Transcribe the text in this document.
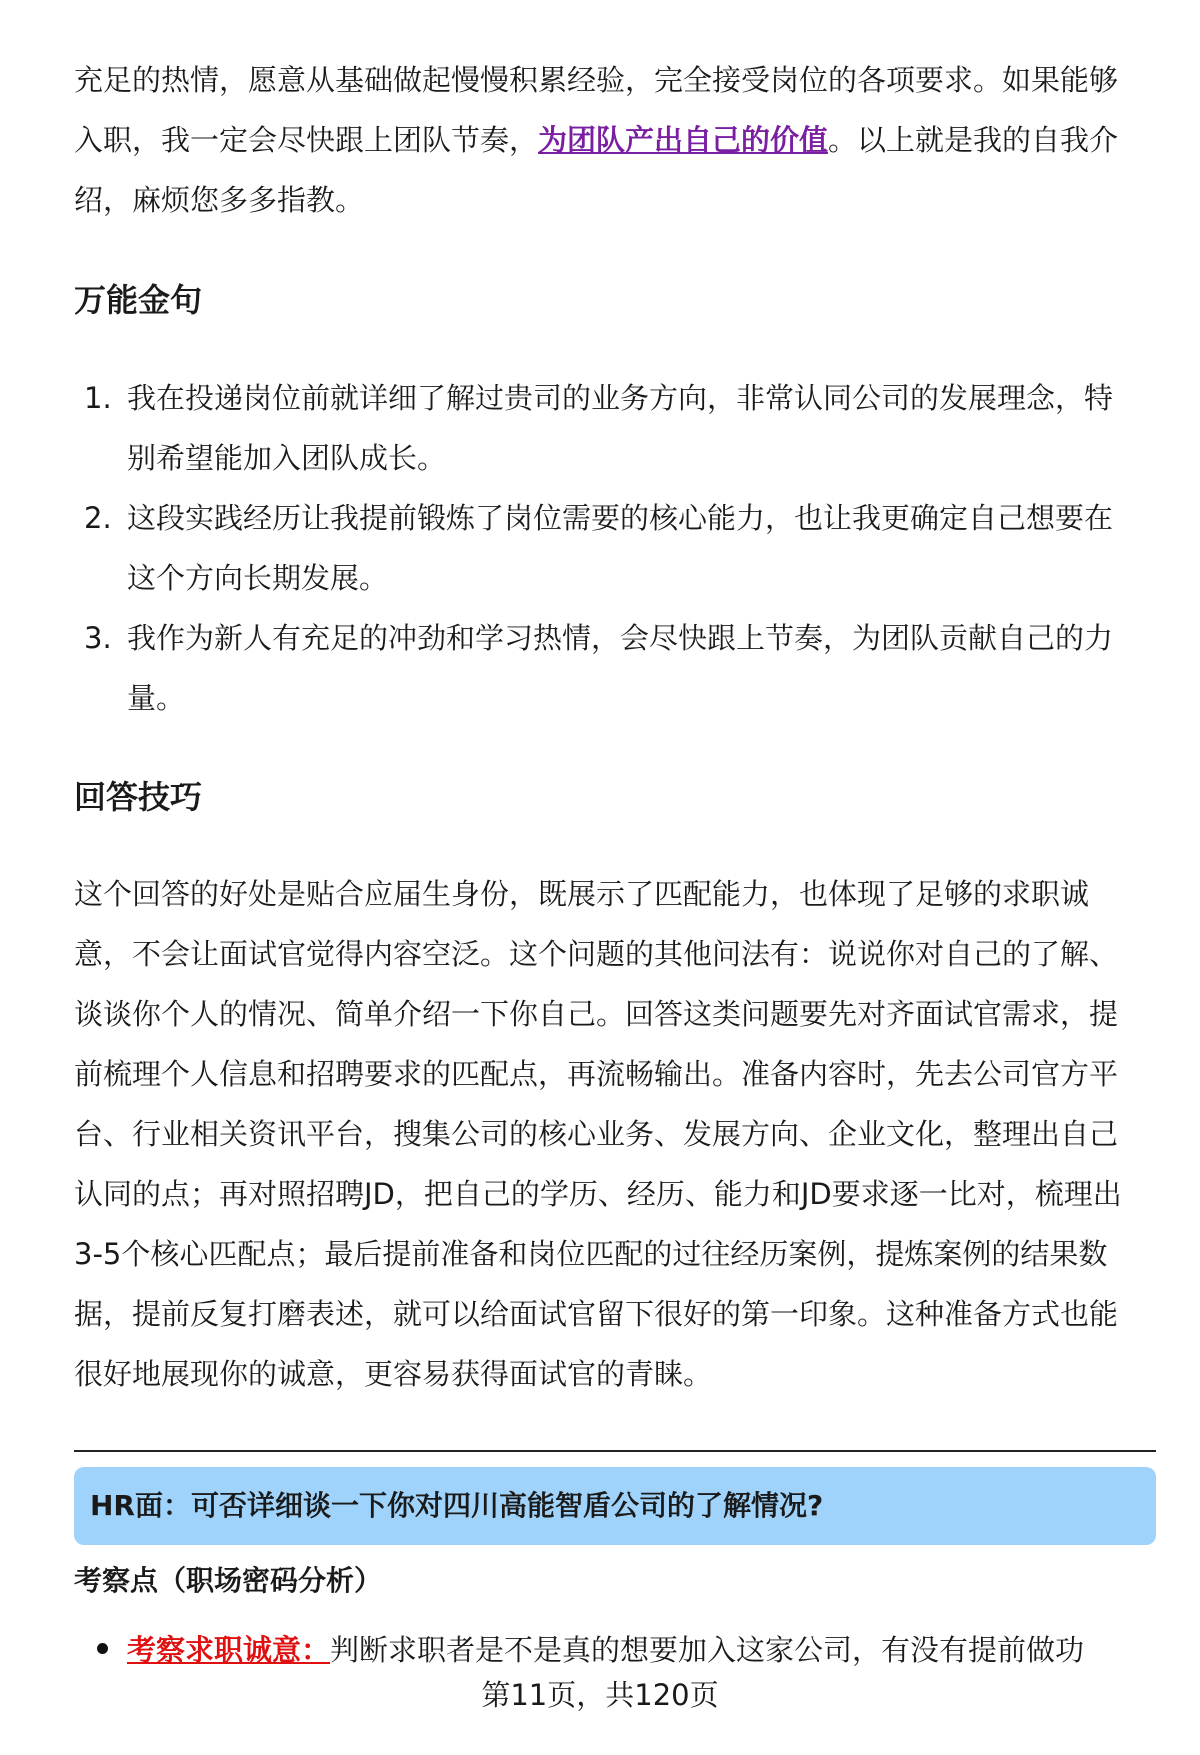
充足的热情，愿意从基础做起慢慢积累经验，完全接受岗位的各项要求。如果能够
入职，我一定会尽快跟上团队节奏，为团队产出自己的价值。以上就是我的自我介
绍，麻烦您多多指教。
万能金句
1. 我在投递岗位前就详细了解过贵司的业务方向，非常认同公司的发展理念，特
别希望能加入团队成长。
2. 这段实践经历让我提前锻炼了岗位需要的核心能力，也让我更确定自己想要在
这个方向长期发展。
3. 我作为新人有充足的冲劲和学习热情，会尽快跟上节奏，为团队贡献自己的力
量。
回答技巧
这个回答的好处是贴合应届生身份，既展示了匹配能力，也体现了足够的求职诚
意，不会让面试官觉得内容空泛。这个问题的其他问法有：说说你对自己的了解、
谈谈你个人的情况、简单介绍一下你自己。回答这类问题要先对齐面试官需求，提
前梳理个人信息和招聘要求的匹配点，再流畅输出。准备内容时，先去公司官方平
台、行业相关资讯平台，搜集公司的核心业务、发展方向、企业文化，整理出自己
认同的点；再对照招聘JD，把自己的学历、经历、能力和JD要求逐一比对，梳理出
3-5个核心匹配点；最后提前准备和岗位匹配的过往经历案例，提炼案例的结果数
据，提前反复打磨表述，就可以给面试官留下很好的第一印象。这种准备方式也能
很好地展现你的诚意，更容易获得面试官的青睐。
HR面：可否详细谈一下你对四川高能智盾公司的了解情况?
考察点（职场密码分析）
考察求职诚意：判断求职者是不是真的想要加入这家公司，有没有提前做功
第11页，共120页
